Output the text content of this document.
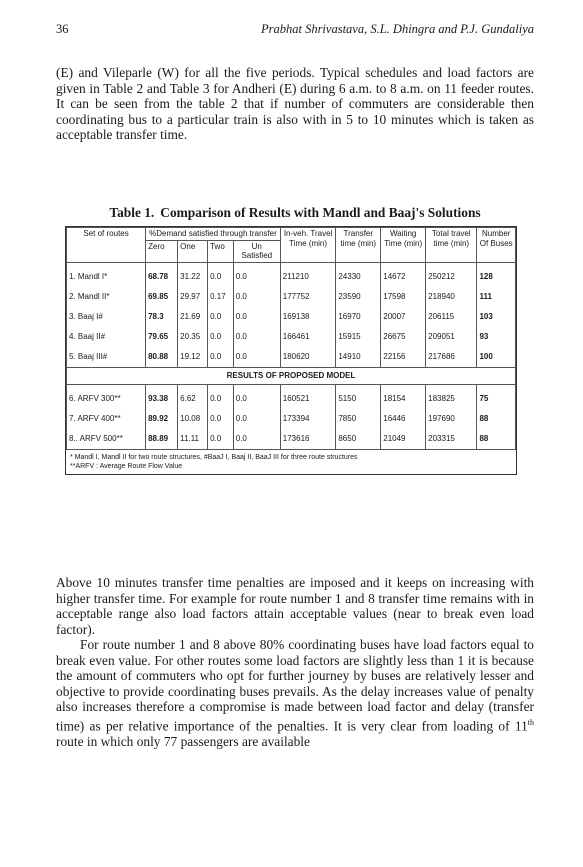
36	Prabhat Shrivastava, S.L. Dhingra and P.J. Gundaliya

(E) and Vileparle (W) for all the five periods. Typical schedules and load factors are given in Table 2 and Table 3 for Andheri (E) during 6 a.m. to 8 a.m. on 11 feeder routes. It can be seen from the table 2 that if number of commuters are considerable then coordinating bus to a particular train is also with in 5 to 10 minutes which is taken as acceptable transfer time.

Table 1. Comparison of Results with Mandl and Baaj's Solutions
Set of routes	%Demand satisfied through transfer				In-veh. Travel Time (min)	Transfer time (min)	Waiting Time (min)	Total travel time (min)	Number Of Buses
	Zero	One	Two	Un Satisfied					

1. Mandl I*	68.78	31.22	0.0	0.0	211210	24330	14672	250212	128
2. Mandl II*	69.85	29.97	0.17	0.0	177752	23590	17598	218940	111
3. Baaj I#	78.3	21.69	0.0	0.0	169138	16970	20007	206115	103
4. Baaj II#	79.65	20.35	0.0	0.0	166461	15915	26675	209051	93
5. Baaj III#	80.88	19.12	0.0	0.0	180620	14910	22156	217686	100
RESULTS OF PROPOSED MODEL									

6. ARFV 300**	93.38	6.62	0.0	0.0	160521	5150	18154	183825	75
7. ARFV 400**	89.92	10.08	0.0	0.0	173394	7850	16446	197690	88
8.. ARFV 500**	88.89	11.11	0.0	0.0	173616	8650	21049	203315	88
* Mandl I, Mandl II for two route structures, #BaaJ I, Baaj II, BaaJ III for three route structures
**ARFV : Average Route Flow Value

Above 10 minutes transfer time penalties are imposed and it keeps on increasing with higher transfer time. For example for route number 1 and 8 transfer time remains with in acceptable range also load factors attain acceptable values (near to break even load factor).

For route number 1 and 8 above 80% coordinating buses have load factors equal to break even value. For other routes some load factors are slightly less than 1 it is because the amount of commuters who opt for further journey by buses are relatively lesser and objective to provide coordinating buses prevails. As the delay increases value of penalty also increases therefore a compromise is made between load factor and delay (transfer time) as per relative importance of the penalties. It is very clear from loading of 11th route in which only 77 passengers are available
